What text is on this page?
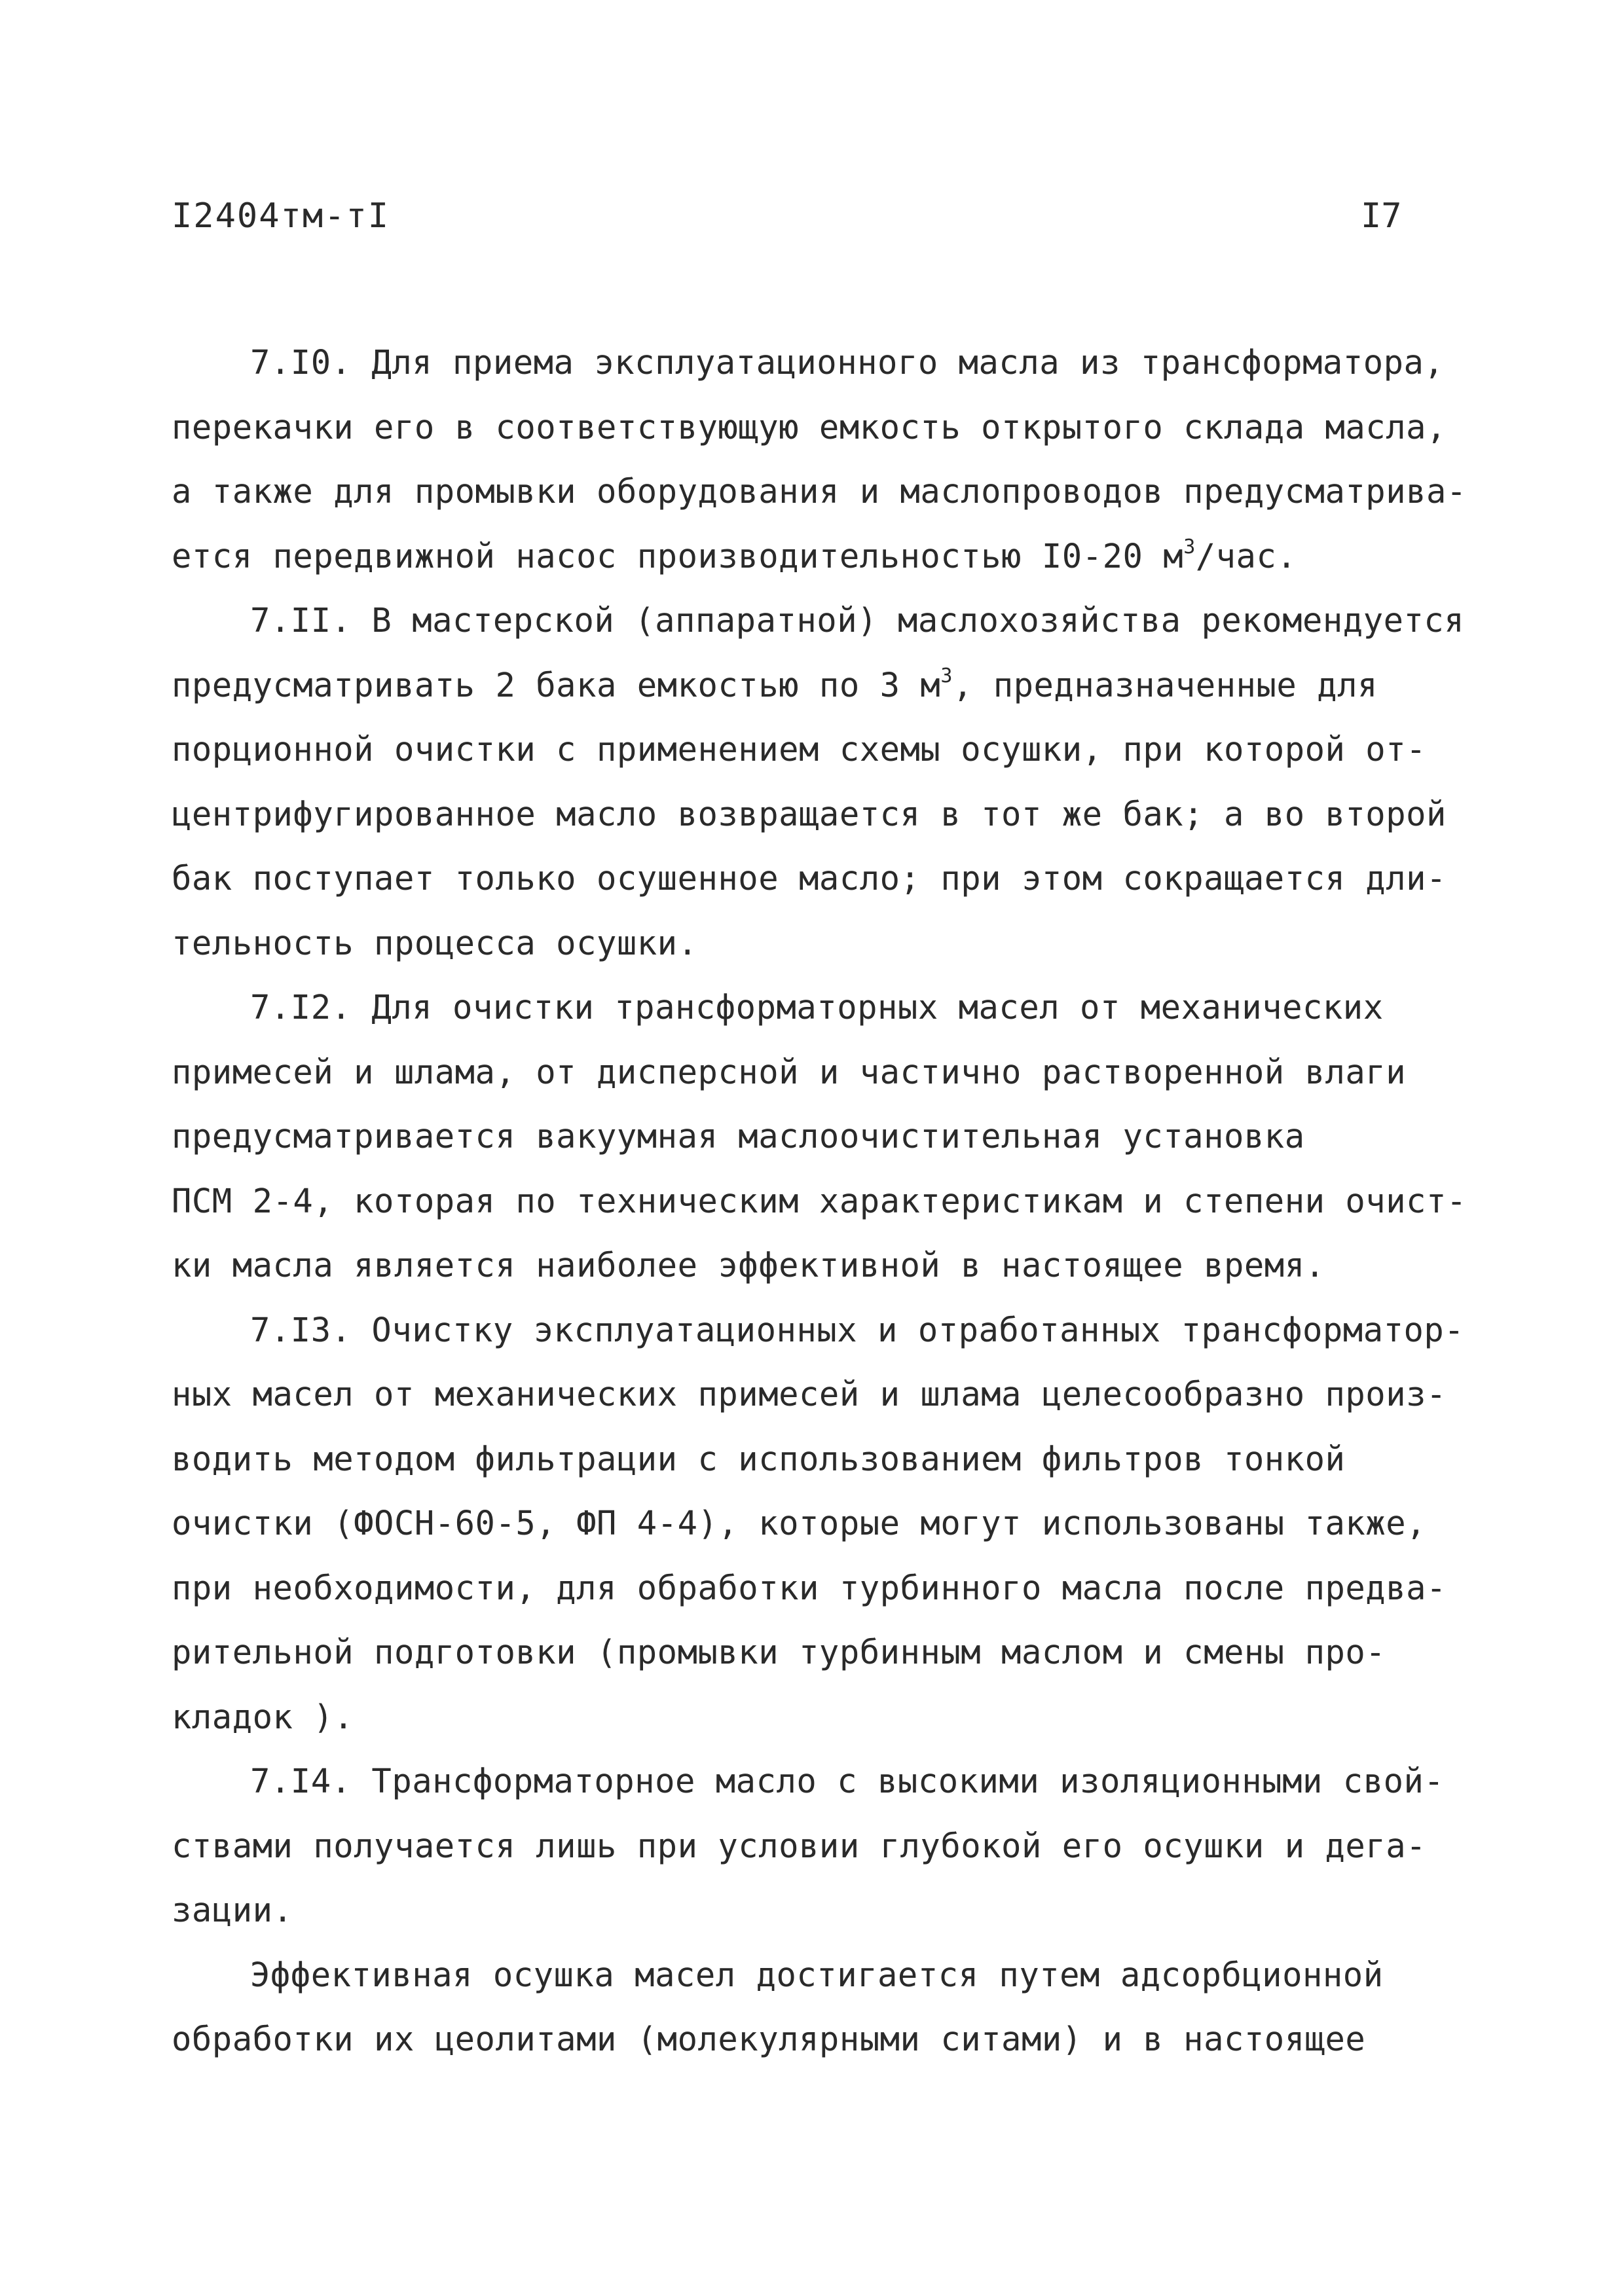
I2404тм-тI	I7
7.I0. Для приема эксплуатационного масла из трансформатора,
перекачки его в соответствующую емкость открытого склада масла,
а также для промывки оборудования и маслопроводов предусматрива-
ется передвижной насос производительностью I0-20 $м^3$/час.
7.II. В мастерской (аппаратной) маслохозяйства рекомендуется
предусматривать 2 бака емкостью по 3 $м^3$, предназначенные для
порционной очистки с применением схемы осушки, при которой от-
центрифугированное масло возвращается в тот же бак; а во второй
бак поступает только осушенное масло; при этом сокращается дли-
тельность процесса осушки.
7.I2. Для очистки трансформаторных масел от механических
примесей и шлама, от дисперсной и частично растворенной влаги
предусматривается вакуумная маслоочистительная установка
ПСМ 2-4, которая по техническим характеристикам и степени очист-
ки масла является наиболее эффективной в настоящее время.
7.I3. Очистку эксплуатационных и отработанных трансформатор-
ных масел от механических примесей и шлама целесообразно произ-
водить методом фильтрации с использованием фильтров тонкой
очистки (ФОСН-60-5, ФП 4-4), которые могут использованы также,
при необходимости, для обработки турбинного масла после предва-
рительной подготовки (промывки турбинным маслом и смены про-
кладок ).
7.I4. Трансформаторное масло с высокими изоляционными свой-
ствами получается лишь при условии глубокой его осушки и дега-
зации.
Эффективная осушка масел достигается путем адсорбционной
обработки их цеолитами (молекулярными ситами) и в настоящее
